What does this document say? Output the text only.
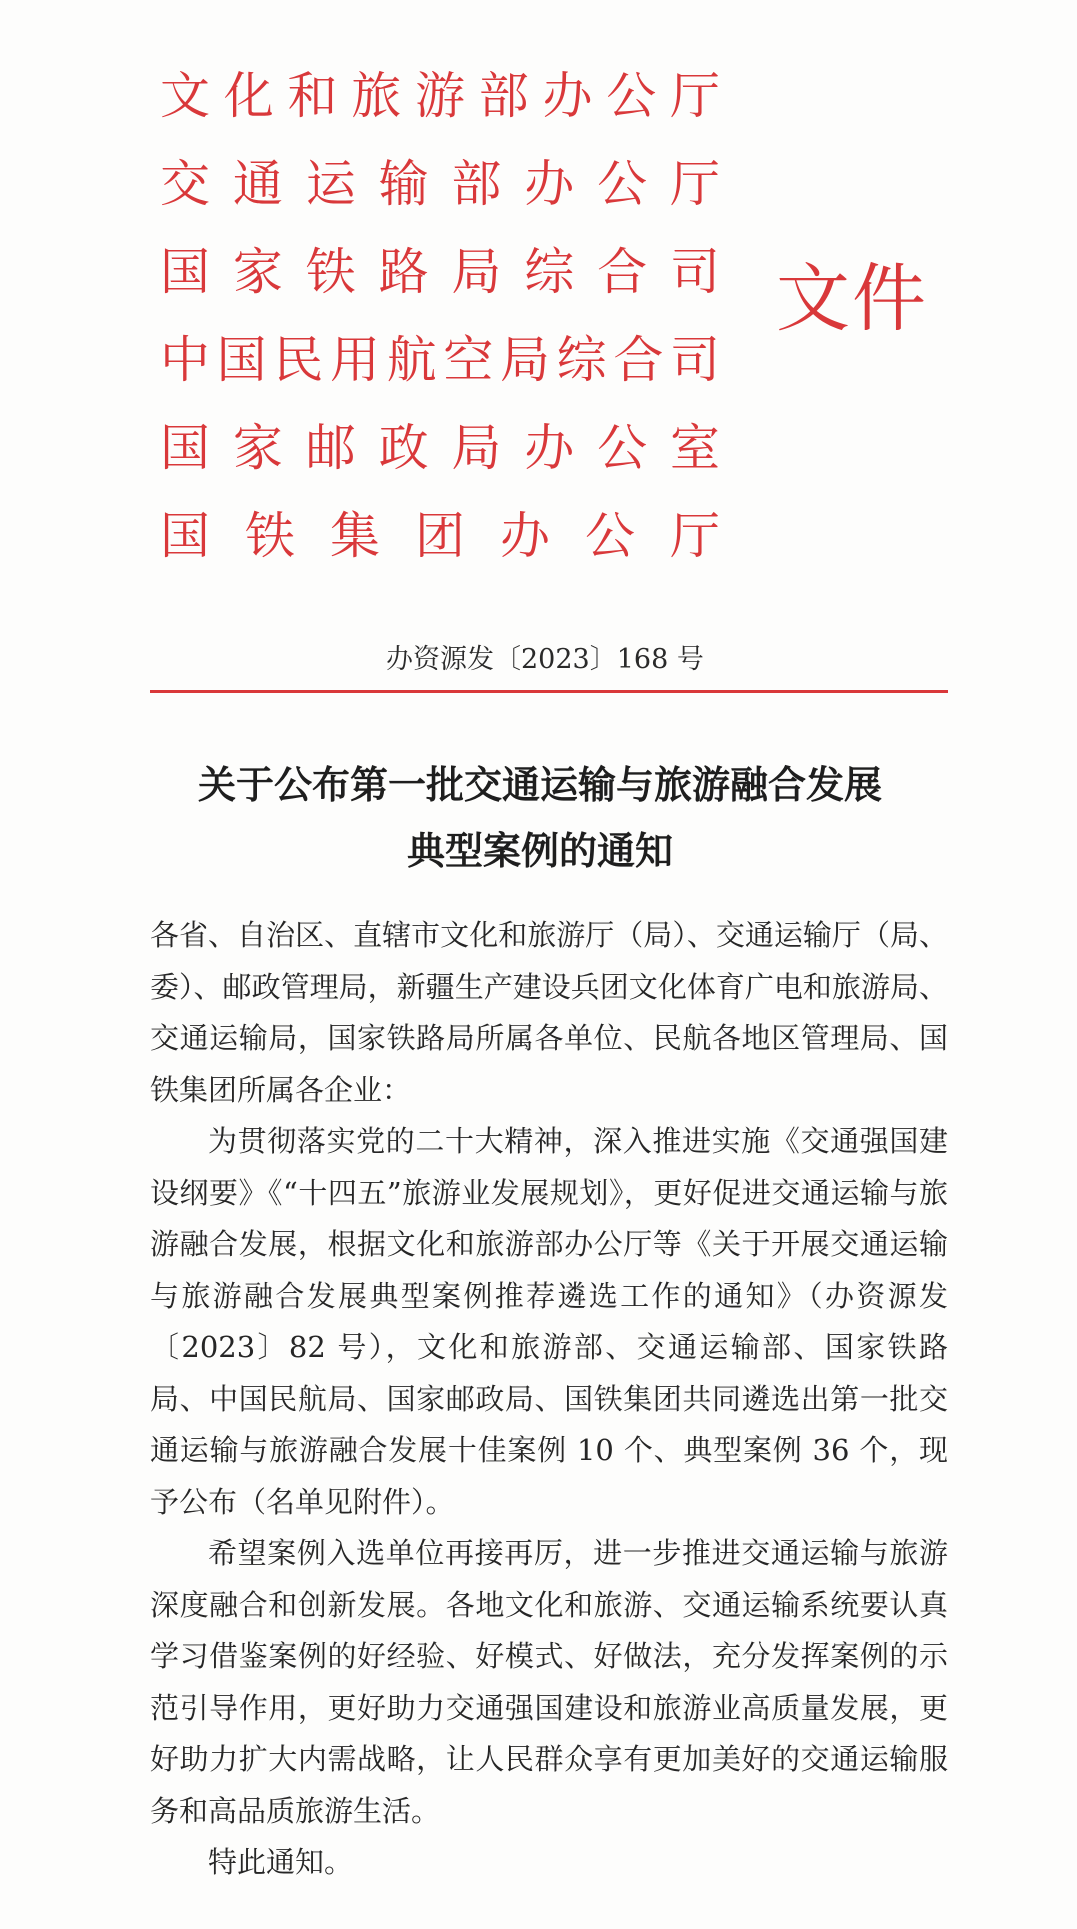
文化和旅游部办公厅
交通运输部办公厅
国家铁路局综合司
中国民用航空局综合司
国家邮政局办公室
国铁集团办公厅
文件
办资源发〔2023〕168 号
关于公布第一批交通运输与旅游融合发展
典型案例的通知

各省、自治区、直辖市文化和旅游厅（局）、交通运输厅（局、委）、邮政管理局，新疆生产建设兵团文化体育广电和旅游局、交通运输局，国家铁路局所属各单位、民航各地区管理局、国铁集团所属各企业：

为贯彻落实党的二十大精神，深入推进实施《交通强国建设纲要》《“十四五”旅游业发展规划》，更好促进交通运输与旅游融合发展，根据文化和旅游部办公厅等《关于开展交通运输与旅游融合发展典型案例推荐遴选工作的通知》（办资源发〔2023〕82 号），文化和旅游部、交通运输部、国家铁路局、中国民航局、国家邮政局、国铁集团共同遴选出第一批交通运输与旅游融合发展十佳案例 10 个、典型案例 36 个，现予公布（名单见附件）。

希望案例入选单位再接再厉，进一步推进交通运输与旅游深度融合和创新发展。各地文化和旅游、交通运输系统要认真学习借鉴案例的好经验、好模式、好做法，充分发挥案例的示范引导作用，更好助力交通强国建设和旅游业高质量发展，更好助力扩大内需战略，让人民群众享有更加美好的交通运输服务和高品质旅游生活。

特此通知。
